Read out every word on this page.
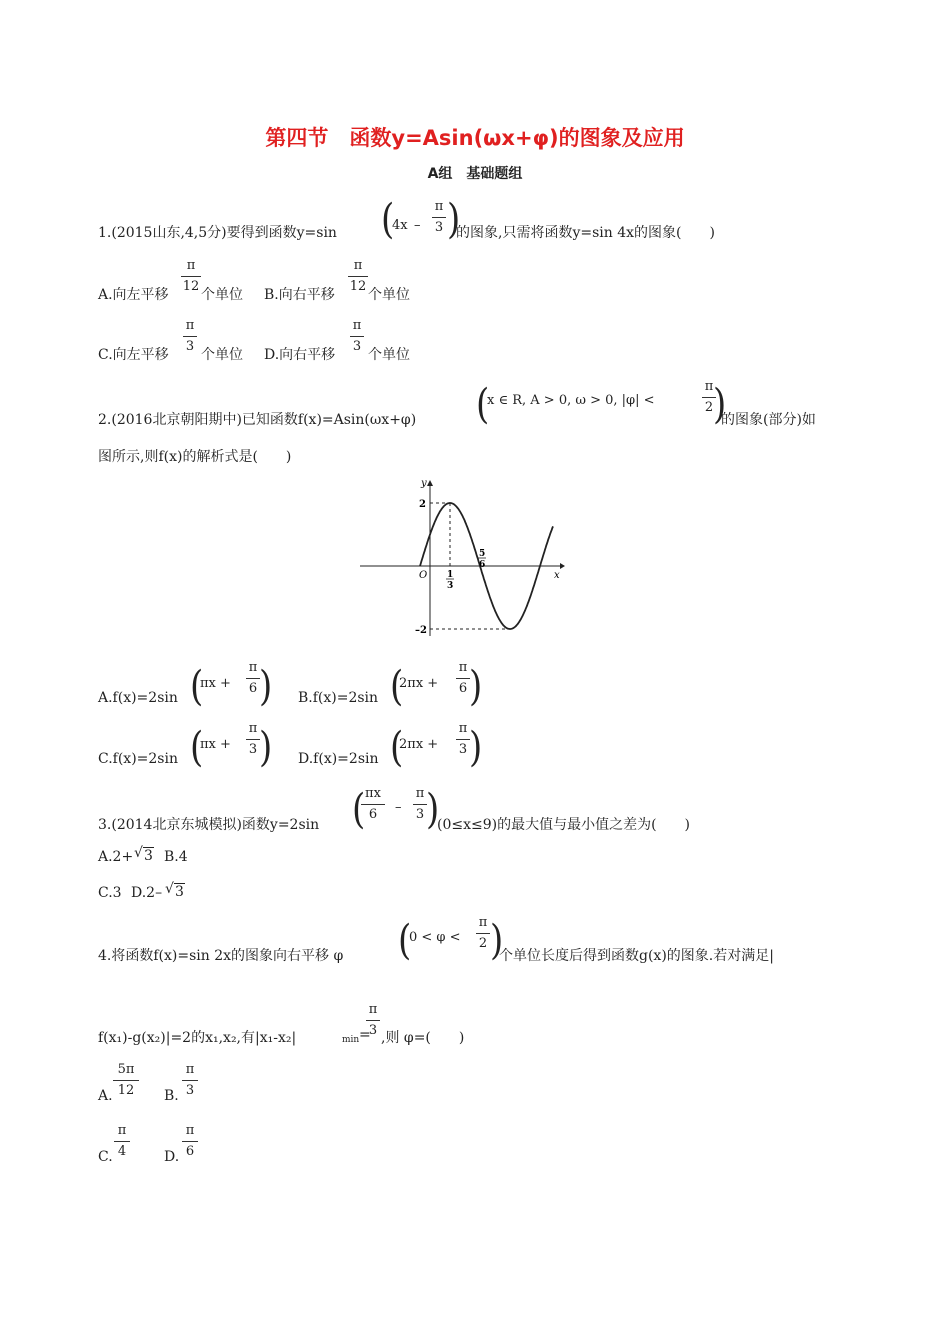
第四节　函数y=Asin(ωx+φ)的图象及应用
A组　基础题组
1.(2015山东,4,5分)要得到函数y=sin (
4x –
π
3 )
的图象,只需将函数y=sin 4x的图象(　　)
A.向左平移
π
12
个单位 B.向右平移
π
12
个单位
C.向左平移
π
3
个单位 D.向右平移
π
3
个单位
2.(2016北京朝阳期中)已知函数f(x)=Asin(ωx+φ) (
x ∈ R, A > 0, ω > 0, |φ| <
π
2 )
的图象(部分)如
图所示,则f(x)的解析式是(　　)
y
x
O
2
–2
1
3
5
6
A.f(x)=2sin (
πx +
π
6 ) B.f(x)=2sin (
2πx +
π
6 )
C.f(x)=2sin (
πx +
π
3 ) D.f(x)=2sin (
2πx +
π
3 )
3.(2014北京东城模拟)函数y=2sin ( πx
6	–
π
3 )
(0≤x≤9)的最大值与最小值之差为(　　)
A.2+ √ 3 B.4
C.3 D.2– √ 3
4.将函数f(x)=sin 2x的图象向右平移 φ (
0 < φ <
π
2 )
个单位长度后得到函数g(x)的图象.若对满足|
f(x₁)-g(x₂)|=2的x₁,x₂,有|x₁-x₂|	min =
π
3 ,则 φ=(　　)
A.
5π
12	B.
π
3
C.
π
4	D.
π
6
